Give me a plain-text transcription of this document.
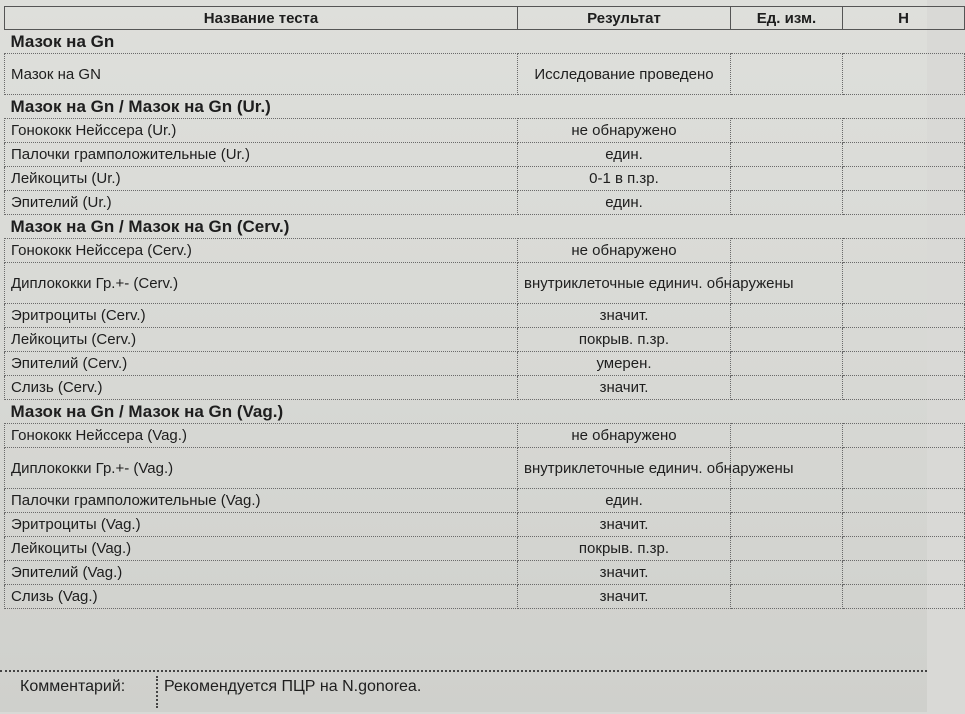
Название теста	Результат	Ед. изм.	Н
Мазок на Gn			
Мазок на GN	Исследование проведено		
Мазок на Gn / Мазок на Gn (Ur.)			
Гонококк Нейссера (Ur.)	не обнаружено		
Палочки грамположительные (Ur.)	един.		
Лейкоциты (Ur.)	0-1 в п.зр.		
Эпителий (Ur.)	един.		
Мазок на Gn / Мазок на Gn (Cerv.)			
Гонококк Нейссера (Cerv.)	не обнаружено		
Диплококки Гр.+- (Cerv.)	внутриклеточные единич. обнаружены		
Эритроциты (Cerv.)	значит.		
Лейкоциты (Cerv.)	покрыв. п.зр.		
Эпителий (Cerv.)	умерен.		
Слизь (Cerv.)	значит.		
Мазок на Gn / Мазок на Gn (Vag.)			
Гонококк Нейссера (Vag.)	не обнаружено		
Диплококки Гр.+- (Vag.)	внутриклеточные единич. обнаружены		
Палочки грамположительные (Vag.)	един.		
Эритроциты (Vag.)	значит.		
Лейкоциты (Vag.)	покрыв. п.зр.		
Эпителий (Vag.)	значит.		
Слизь (Vag.)	значит.		
Комментарий:	Рекомендуется ПЦР на N.gonorea.
